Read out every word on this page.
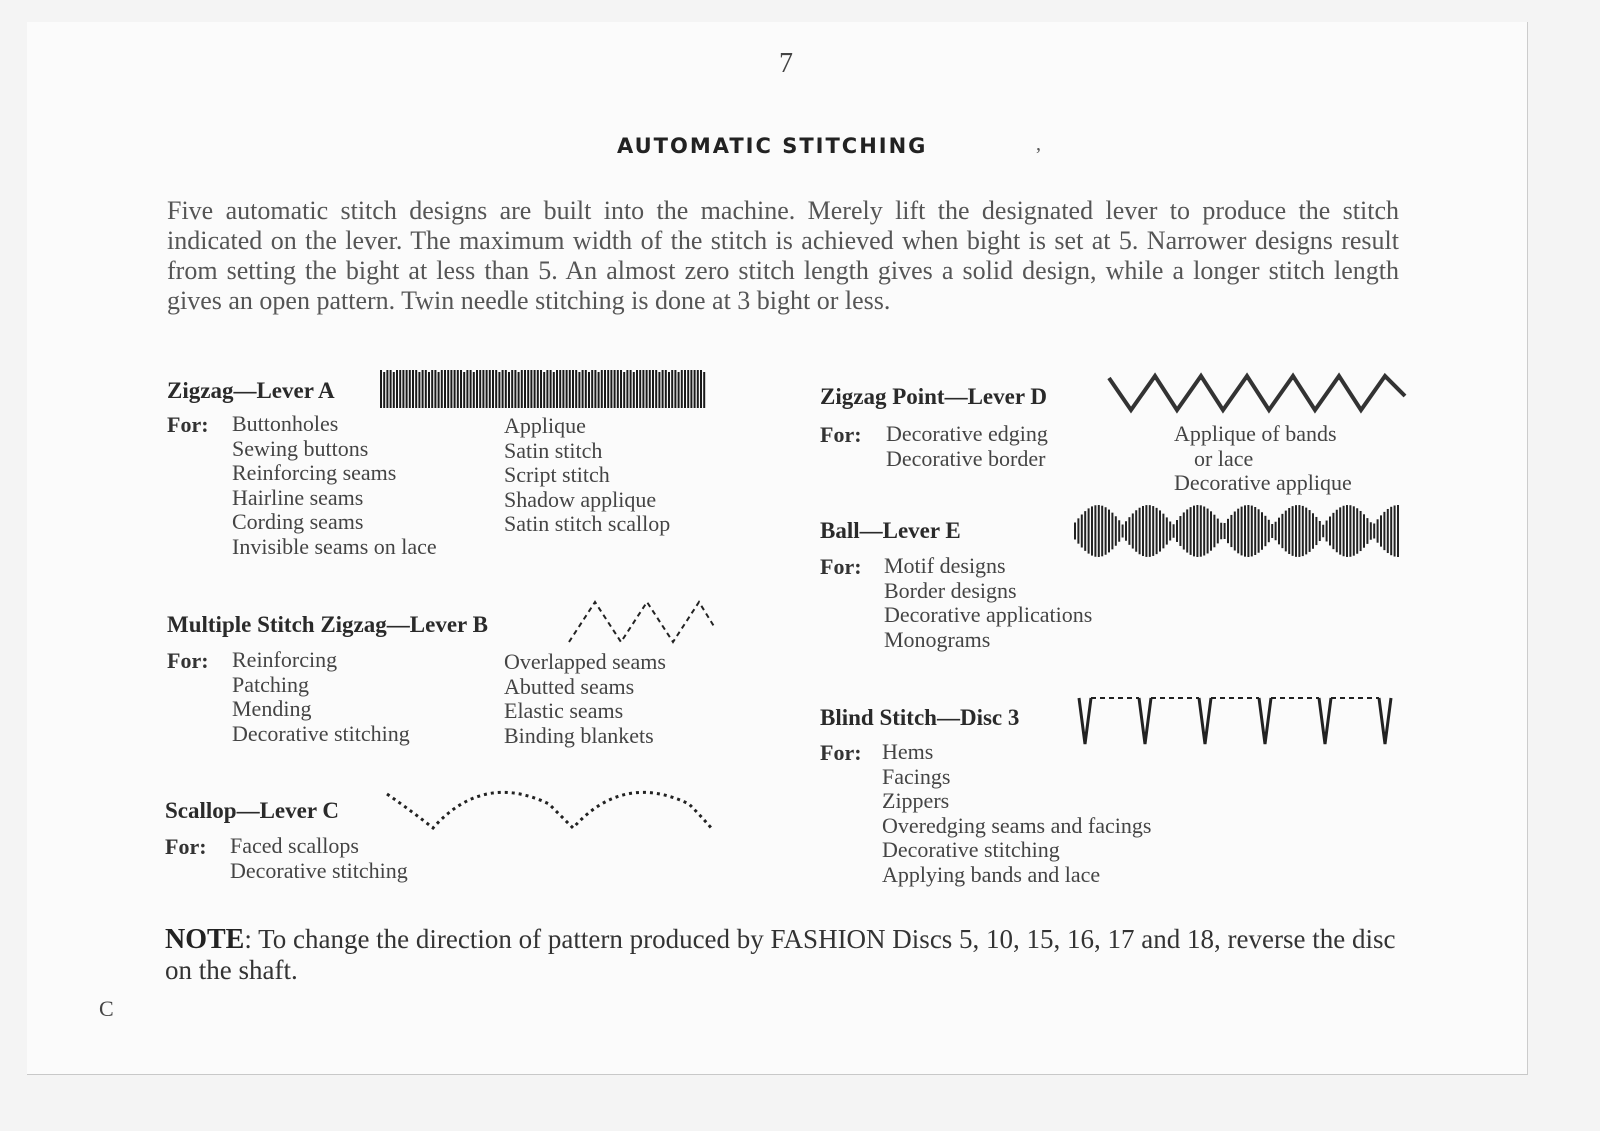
7
AUTOMATIC STITCHING	’
Five automatic stitch designs are built into the machine. Merely lift the designated lever to produce the stitch indicated on the lever. The maximum width of the stitch is achieved when bight is set at 5. Narrower designs result from setting the bight at less than 5. An almost zero stitch length gives a solid design, while a longer stitch length gives an open pattern. Twin needle stitching is done at 3 bight or less.
Zigzag—Lever A
For: Buttonholes
Sewing buttons
Reinforcing seams
Hairline seams
Cording seams
Invisible seams on lace
Applique
Satin stitch
Script stitch
Shadow applique
Satin stitch scallop
Multiple Stitch Zigzag—Lever B
For: Reinforcing
Patching
Mending
Decorative stitching
Overlapped seams
Abutted seams
Elastic seams
Binding blankets
Scallop—Lever C
For: Faced scallops
Decorative stitching
Zigzag Point—Lever D
For: Decorative edging
Decorative border
Applique of bands
or lace
Decorative applique
Ball—Lever E
For: Motif designs
Border designs
Decorative applications
Monograms
Blind Stitch—Disc 3
For: Hems
Facings
Zippers
Overedging seams and facings
Decorative stitching
Applying bands and lace
NOTE: To change the direction of pattern produced by FASHION Discs 5, 10, 15, 16, 17 and 18, reverse the disc on the shaft.
C
